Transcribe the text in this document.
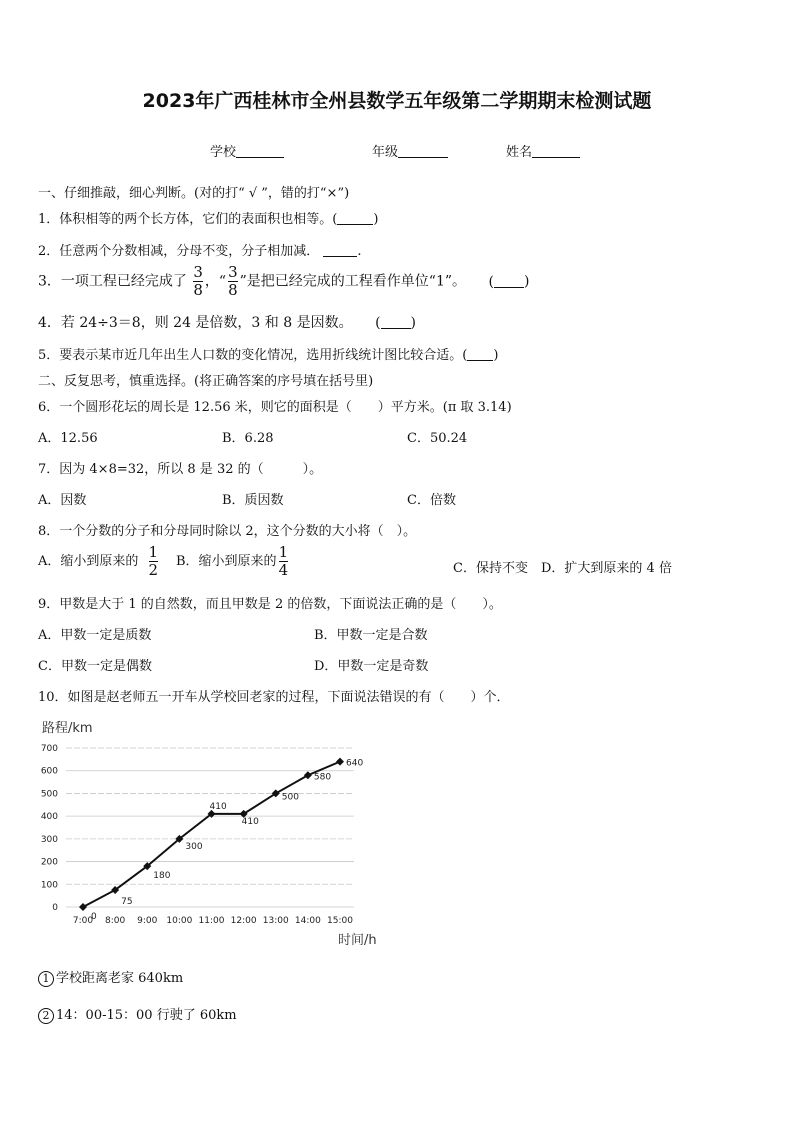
2023年广西桂林市全州县数学五年级第二学期期末检测试题
学校	年级	姓名
一、仔细推敲，细心判断。(对的打“ √ ”，错的打“×”)
1．体积相等的两个长方体，它们的表面积也相等。(	)
2．任意两个分数相减，分母不变，分子相加减．	.
3．一项工程已经完成了 $\frac{3}{8}$ ，“ $\frac{3}{8}$ ”是把已经完成的工程看作单位“1”。 ( )
4．若 24÷3＝8，则 24 是倍数，3 和 8 是因数。 ( )
5．要表示某市近几年出生人口数的变化情况，选用折线统计图比较合适。( )
二、反复思考，慎重选择。(将正确答案的序号填在括号里)
6．一个圆形花坛的周长是 12.56 米，则它的面积是（　　）平方米。(π 取 3.14)
A．12.56	B．6.28	C．50.24
7．因为 4×8=32，所以 8 是 32 的（　　　）。
A．因数	B．质因数	C．倍数
8．一个分数的分子和分母同时除以 2，这个分数的大小将（　）。
A．缩小到原来的 $\frac{1}{2}$ B．缩小到原来的 $\frac{1}{4}$	C．保持不变 D．扩大到原来的 4 倍
9．甲数是大于 1 的自然数，而且甲数是 2 的倍数，下面说法正确的是（　　）。
A．甲数一定是质数	B．甲数一定是合数
C．甲数一定是偶数	D．甲数一定是奇数
10．如图是赵老师五一开车从学校回老家的过程，下面说法错误的有（　　）个．
路程/km
0
100
200
300
400
500
600
700
7:00 8:00 9:00 10:00 11:00 12:00 13:00 14:00 15:00
时间/h
0
75
180
300
410
410
500
580
640
1 学校距离老家 640km
2 14：00-15：00 行驶了 60km
